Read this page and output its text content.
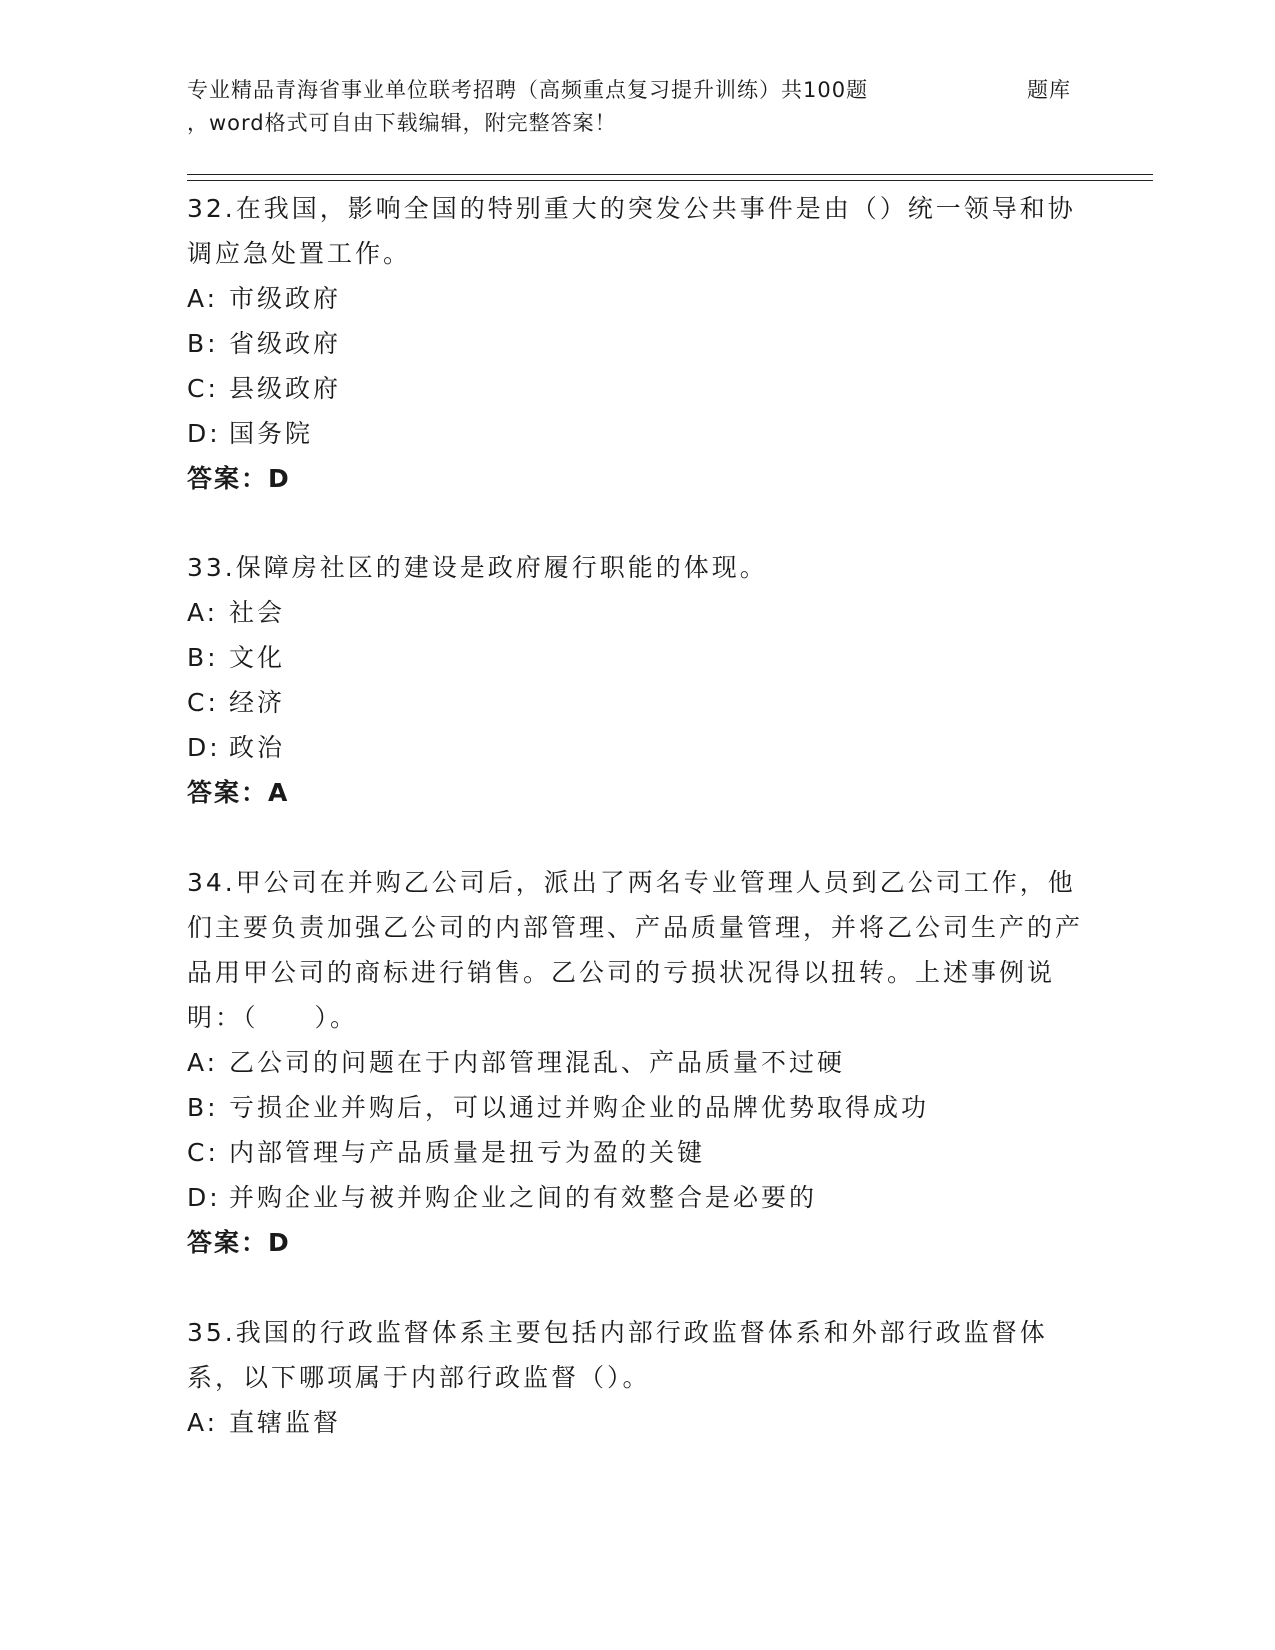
专业精品青海省事业单位联考招聘（高频重点复习提升训练）共100题	题库
，word格式可自由下载编辑，附完整答案！
32.在我国，影响全国的特别重大的突发公共事件是由（）统一领导和协调应急处置工作。
A: 市级政府
B: 省级政府
C: 县级政府
D: 国务院
答案：D
33.保障房社区的建设是政府履行职能的体现。
A: 社会
B: 文化
C: 经济
D: 政治
答案：A
34.甲公司在并购乙公司后，派出了两名专业管理人员到乙公司工作，他们主要负责加强乙公司的内部管理、产品质量管理，并将乙公司生产的产品用甲公司的商标进行销售。乙公司的亏损状况得以扭转。上述事例说明：（　　）。
A: 乙公司的问题在于内部管理混乱、产品质量不过硬
B: 亏损企业并购后，可以通过并购企业的品牌优势取得成功
C: 内部管理与产品质量是扭亏为盈的关键
D: 并购企业与被并购企业之间的有效整合是必要的
答案：D
35.我国的行政监督体系主要包括内部行政监督体系和外部行政监督体系，以下哪项属于内部行政监督（）。
A: 直辖监督
